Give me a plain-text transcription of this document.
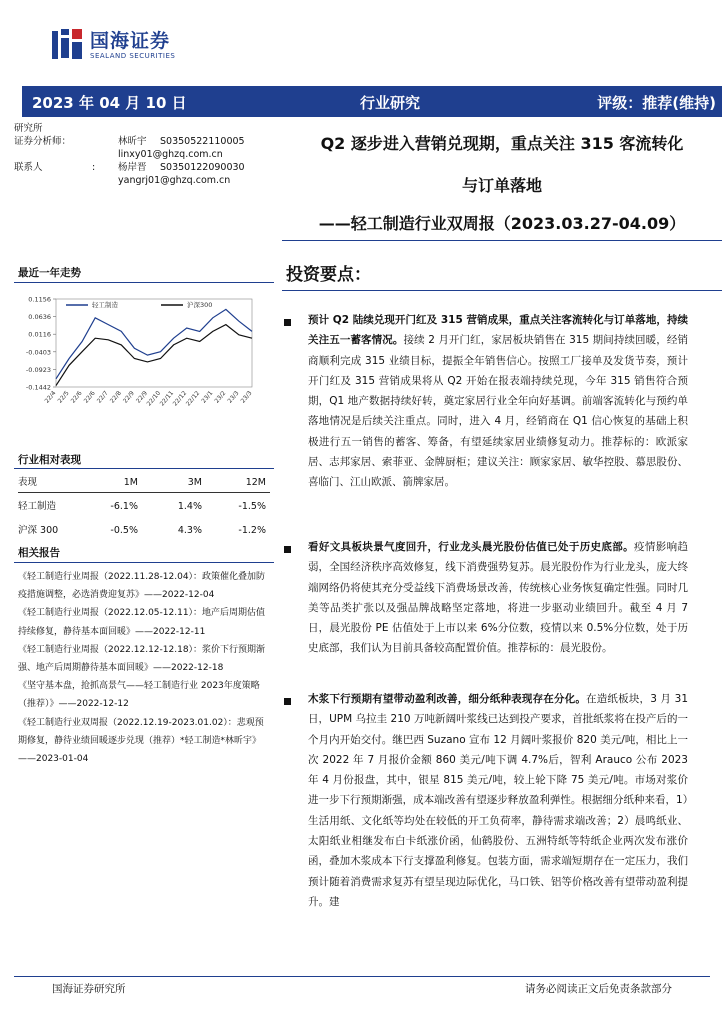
国海证券
SEALAND SECURITIES
2023 年 04 月 10 日	行业研究	评级：推荐(维持)
研究所
证券分析师：	林昕宇 S0350522110005
linxy01@ghzq.com.cn
联系人	: 杨岸晋 S0350122090030
yangrj01@ghzq.com.cn
Q2 逐步进入营销兑现期，重点关注 315 客流转化
与订单落地
——轻工制造行业双周报（2023.03.27-04.09）
最近一年走势
0.1156
0.0636
0.0116
-0.0403
-0.0923
-0.1442
22/4 22/5 22/6 22/6 22/7 22/8 22/9 22/9
22/10
22/11
22/12
22/12 23/1 23/2 23/3 23/3
轻工制造	沪深300
行业相对表现
表现	1M	3M	12M
轻工制造	-6.1%	1.4%	-1.5%
沪深 300	-0.5%	4.3%	-1.2%
相关报告

《轻工制造行业周报（2022.11.28-12.04）：政策催化叠加防疫措施调整，必选消费迎复苏》——2022-12-04

《轻工制造行业周报（2022.12.05-12.11）：地产后周期估值持续修复，静待基本面回暖》——2022-12-11

《轻工制造行业周报（2022.12.12-12.18）：浆价下行预期渐强、地产后周期静待基本面回暖》——2022-12-18

《坚守基本盘，抢抓高景气——轻工制造行业 2023年度策略（推荐）》——2022-12-12

《轻工制造行业双周报（2022.12.19-2023.01.02）：悲观预期修复，静待业绩回暖逐步兑现（推荐）*轻工制造*林昕宇》——2023-01-04

投资要点：
预计 Q2 陆续兑现开门红及 315 营销成果，重点关注客流转化与订单落地，持续关注五一蓄客情况。接续 2 月开门红，家居板块销售在 315 期间持续回暖，经销商顺利完成 315 业绩目标，提振全年销售信心。按照工厂接单及发货节奏，预计开门红及 315 营销成果将从 Q2 开始在报表端持续兑现，今年 315 销售符合预期，Q1 地产数据持续好转，奠定家居行业全年向好基调。前端客流转化与预约单落地情况是后续关注重点。同时，进入 4 月，经销商在 Q1 信心恢复的基础上积极进行五一销售的蓄客、筹备，有望延续家居业绩修复动力。推荐标的：欧派家居、志邦家居、索菲亚、金牌厨柜；建议关注：顾家家居、敏华控股、慕思股份、喜临门、江山欧派、箭牌家居。
看好文具板块景气度回升，行业龙头晨光股份估值已处于历史底部。疫情影响趋弱，全国经济秩序高效修复，线下消费强势复苏。晨光股份作为行业龙头，庞大终端网络仍将使其充分受益线下消费场景改善，传统核心业务恢复确定性强。同时几美等品类扩张以及强品牌战略坚定落地，将进一步驱动业绩回升。截至 4 月 7 日，晨光股份 PE 估值处于上市以来 6%分位数，疫情以来 0.5%分位数，处于历史底部，我们认为目前具备较高配置价值。推荐标的：晨光股份。
木浆下行预期有望带动盈利改善，细分纸种表现存在分化。在造纸板块，3 月 31 日，UPM 乌拉圭 210 万吨新阔叶浆线已达到投产要求，首批纸浆将在投产后的一个月内开始交付。继巴西 Suzano 宣布 12 月阔叶浆报价 820 美元/吨，相比上一次 2022 年 7 月报价金额 860 美元/吨下调 4.7%后，智利 Arauco 公布 2023 年 4 月份报盘，其中，银星 815 美元/吨，较上轮下降 75 美元/吨。市场对浆价进一步下行预期渐强，成本端改善有望逐步释放盈利弹性。根据细分纸种来看，1）生活用纸、文化纸等均处在较低的开工负荷率，静待需求端改善；2）晨鸣纸业、太阳纸业相继发布白卡纸涨价函，仙鹤股份、五洲特纸等特纸企业两次发布涨价函，叠加木浆成本下行支撑盈利修复。包装方面，需求端短期存在一定压力，我们预计随着消费需求复苏有望呈现边际优化，马口铁、铝等价格改善有望带动盈利提升。建
国海证券研究所	请务必阅读正文后免责条款部分
